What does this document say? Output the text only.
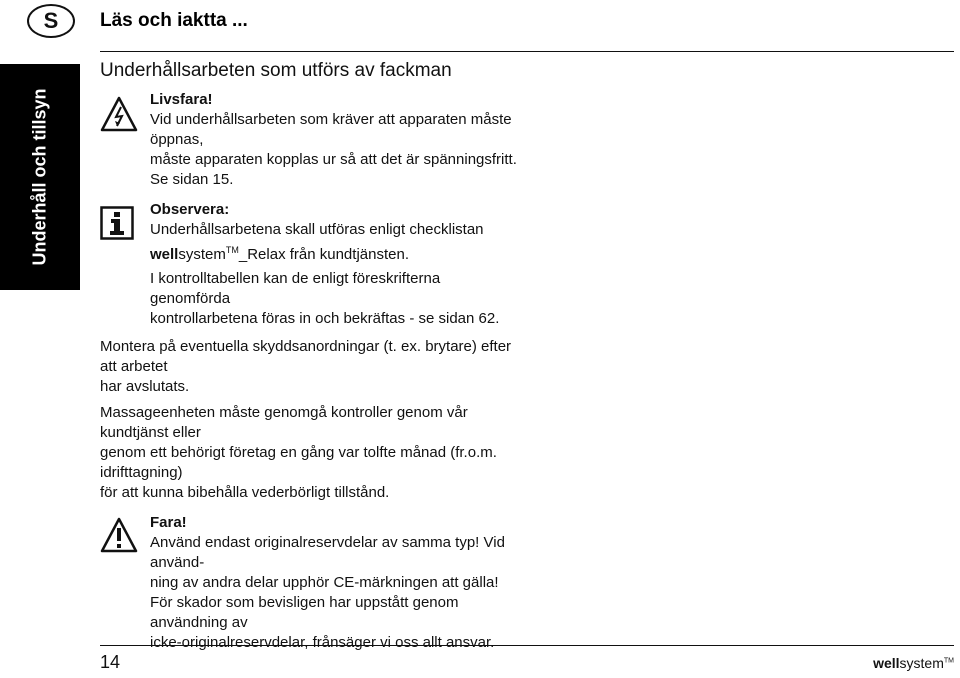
S	Läs och iaktta ...
Underhåll och tillsyn
Underhållsarbeten som utförs av fackman

Livsfara!

Vid underhållsarbeten som kräver att apparaten måste öppnas,

måste apparaten kopplas ur så att det är spänningsfritt.

Se sidan 15.

Observera:

Underhållsarbetena skall utföras enligt checklistan

wellsystem™_Relax från kundtjänsten.

I kontrolltabellen kan de enligt föreskrifterna genomförda

kontrollarbetena föras in och bekräftas - se sidan 62.

Montera på eventuella skyddsanordningar (t. ex. brytare) efter att arbetet

har avslutats.

Massageenheten måste genomgå kontroller genom vår kundtjänst eller

genom ett behörigt företag en gång var tolfte månad (fr.o.m. idrifttagning)

för att kunna bibehålla vederbörligt tillstånd.

Fara!

Använd endast originalreservdelar av samma typ! Vid använd-

ning av andra delar upphör CE-märkningen att gälla!

För skador som bevisligen har uppstått genom användning av

icke-originalreservdelar, frånsäger vi oss allt ansvar.

14	wellsystem™
